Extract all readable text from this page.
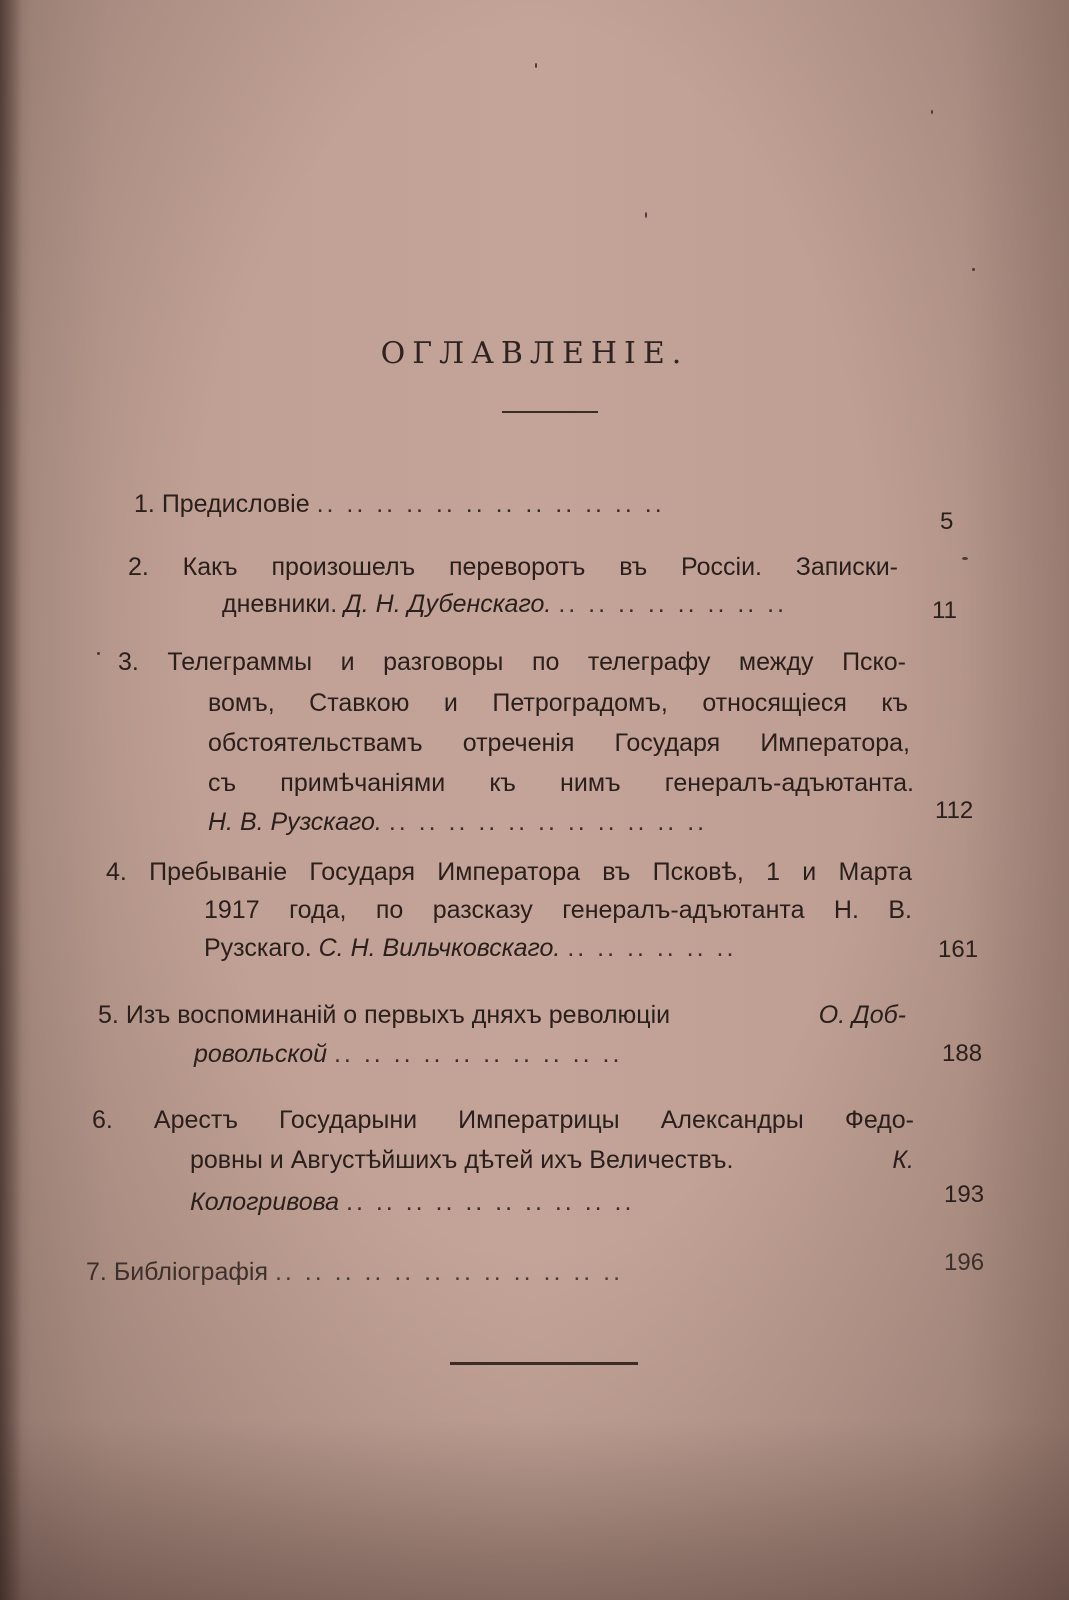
ОГЛАВЛЕНІЕ.
1. Предисловіе .. .. .. .. .. .. .. .. .. .. .. ..
5
2. Какъ произошелъ переворотъ въ Россіи. Записки-
дневники. Д. Н. Дубенскаго. .. .. .. .. .. .. .. ..	11
3. Телеграммы и разговоры по телеграфу между Пско-
вомъ, Ставкою и Петроградомъ, относящіеся къ
обстоятельствамъ отреченія Государя Императора,
съ примѣчаніями къ нимъ генералъ-адъютанта.
Н. В. Рузскаго. .. .. .. .. .. .. .. .. .. .. ..	112
4. Пребываніе Государя Императора въ Псковѣ, 1 и Марта
1917 года, по разсказу генералъ-адъютанта Н. В.
Рузскаго. С. Н. Вильчковскаго. .. .. .. .. .. ..	161
5. Изъ воспоминаній о первыхъ дняхъ революціи	О. Доб-
ровольской .. .. .. .. .. .. .. .. .. ..	188
6. Арестъ Государыни Императрицы Александры Федо-
ровны и Августѣйшихъ дѣтей ихъ Величествъ.	К.
Кологривова .. .. .. .. .. .. .. .. .. ..	193
7. Библіографія .. .. .. .. .. .. .. .. .. .. .. ..	196
